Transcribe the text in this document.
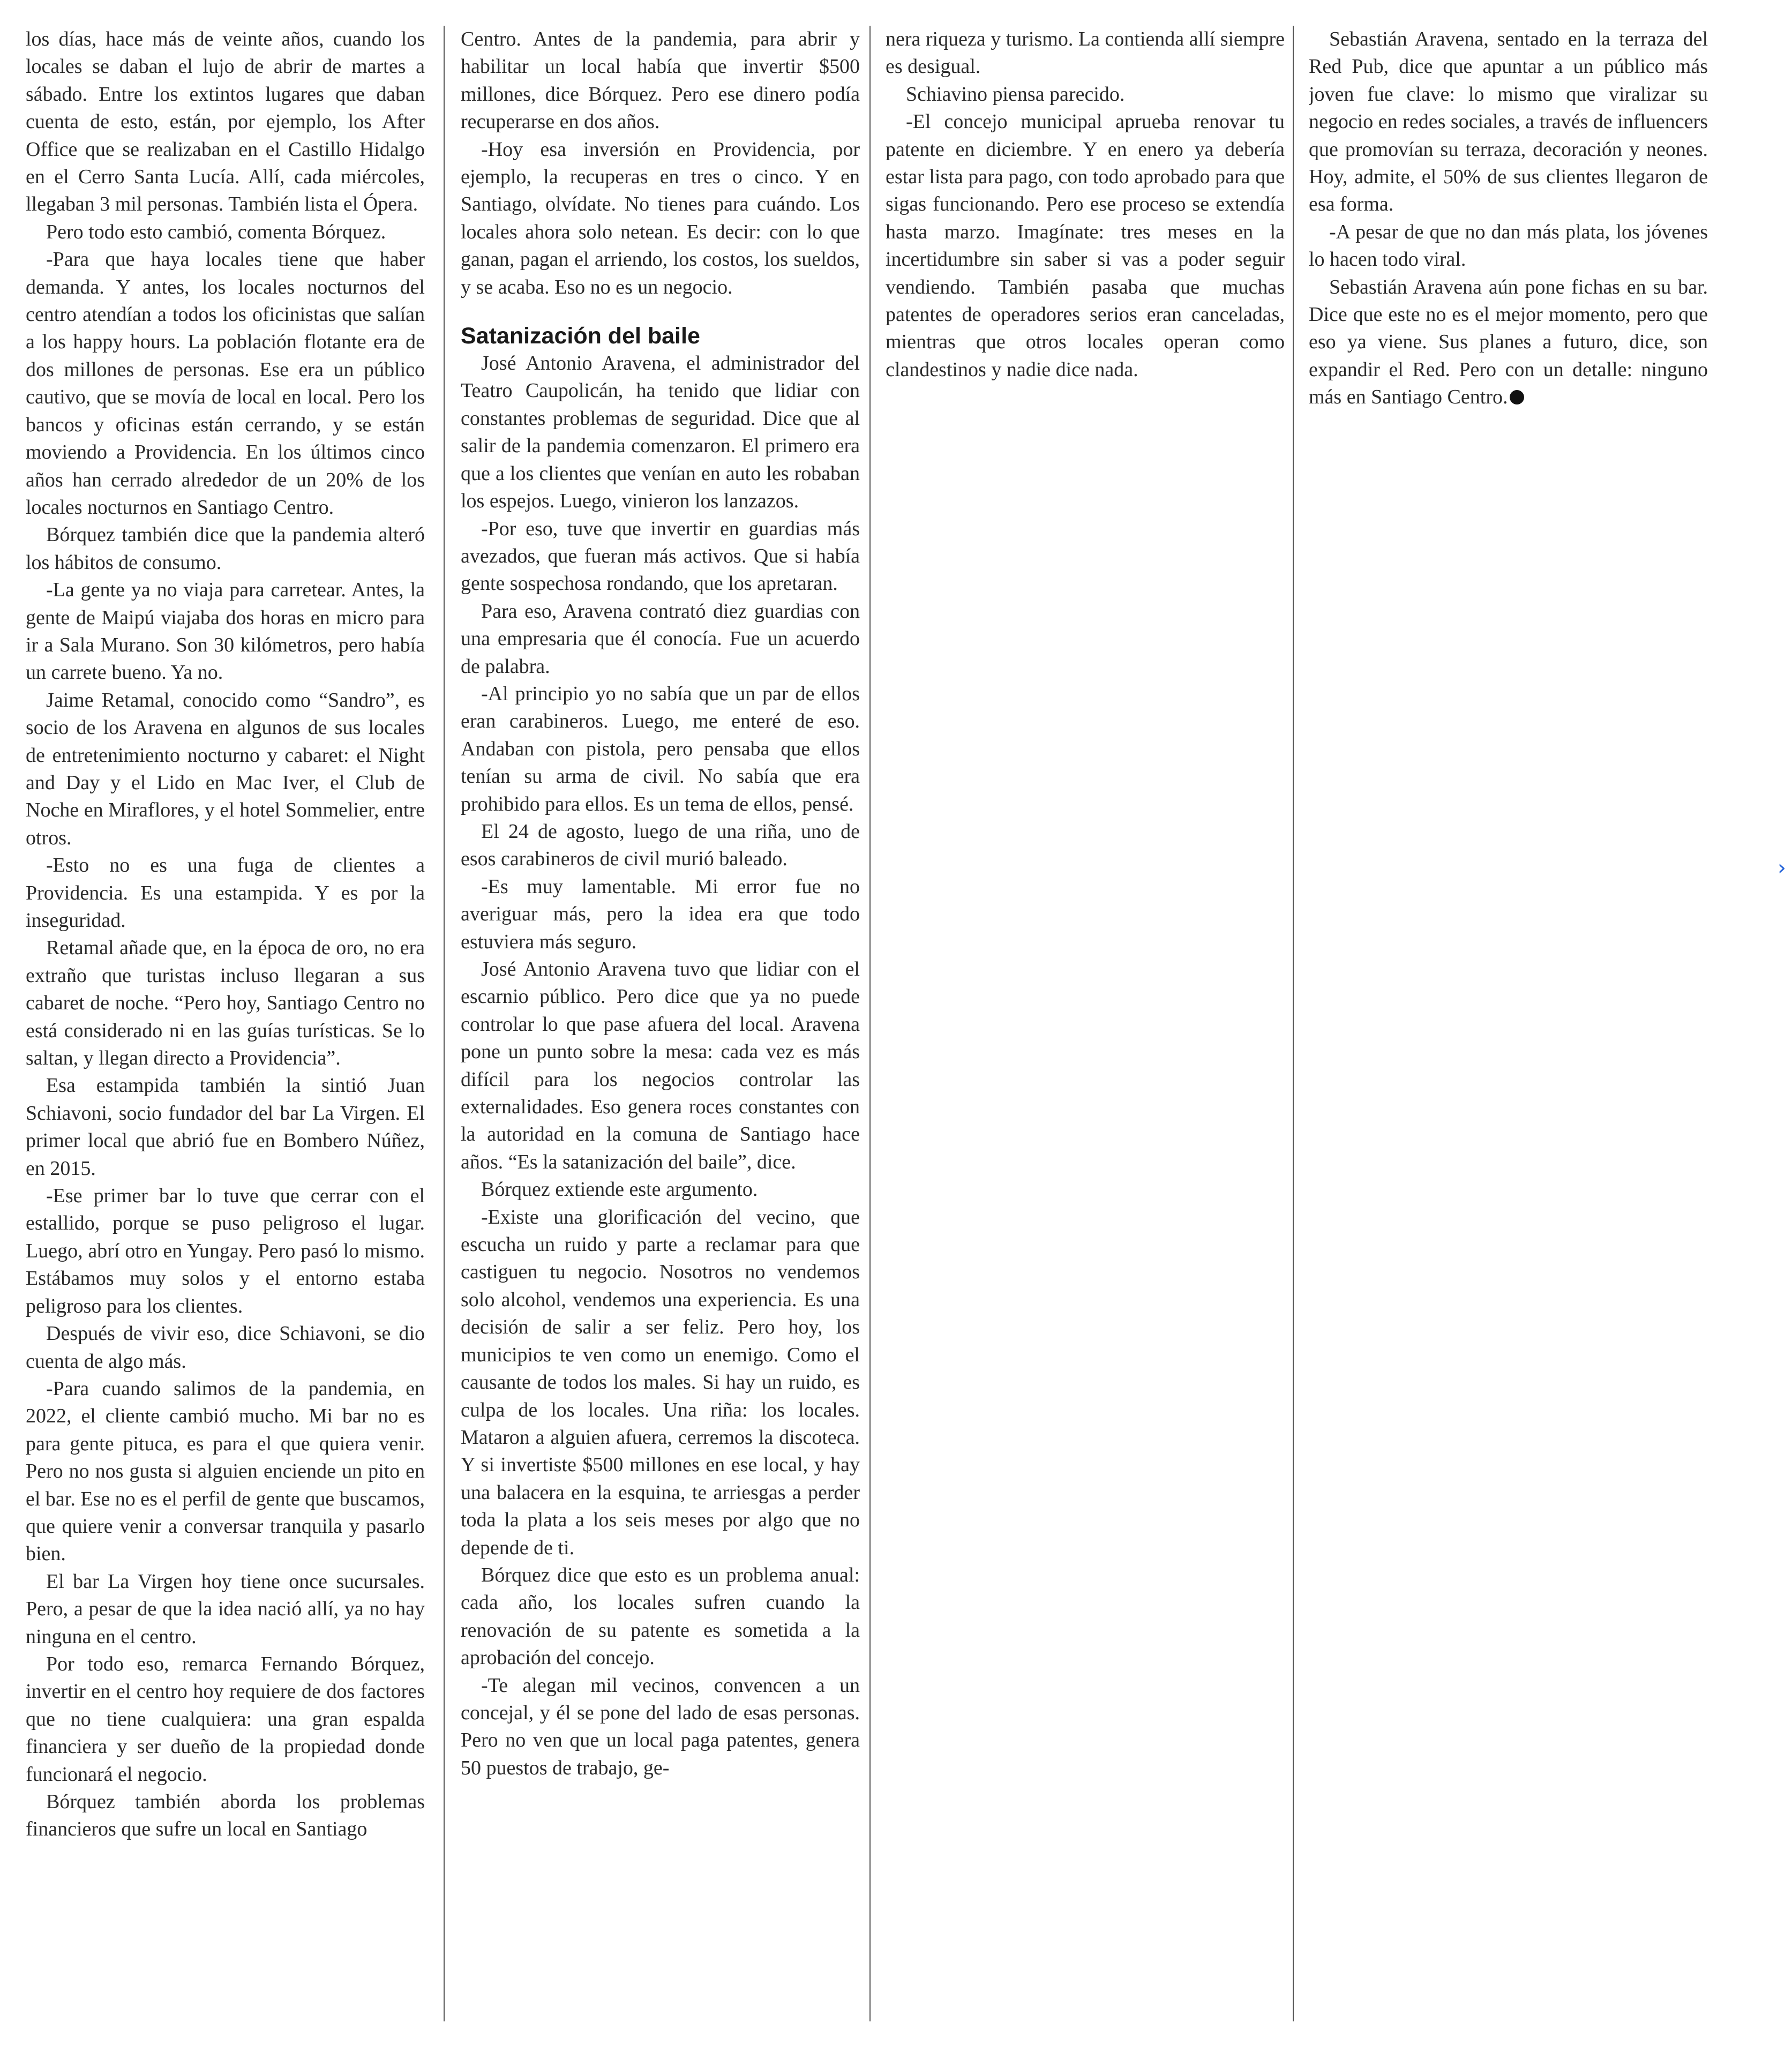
los días, hace más de veinte años, cuando los locales se daban el lujo de abrir de martes a sábado. Entre los extintos lugares que daban cuenta de esto, están, por ejemplo, los After Office que se realizaban en el Castillo Hidalgo en el Cerro Santa Lucía. Allí, cada miércoles, llegaban 3 mil personas. También lista el Ópera.

Pero todo esto cambió, comenta Bórquez.

-Para que haya locales tiene que haber demanda. Y antes, los locales nocturnos del centro atendían a todos los oficinistas que salían a los happy hours. La población flotante era de dos millones de personas. Ese era un público cautivo, que se movía de local en local. Pero los bancos y oficinas están cerrando, y se están moviendo a Providencia. En los últimos cinco años han cerrado alrededor de un 20% de los locales nocturnos en Santiago Centro.

Bórquez también dice que la pandemia alteró los hábitos de consumo.

-La gente ya no viaja para carretear. Antes, la gente de Maipú viajaba dos horas en micro para ir a Sala Murano. Son 30 kilómetros, pero había un carrete bueno. Ya no.

Jaime Retamal, conocido como “Sandro”, es socio de los Aravena en algunos de sus locales de entretenimiento nocturno y cabaret: el Night and Day y el Lido en Mac Iver, el Club de Noche en Miraflores, y el hotel Sommelier, entre otros.

-Esto no es una fuga de clientes a Providencia. Es una estampida. Y es por la inseguridad.

Retamal añade que, en la época de oro, no era extraño que turistas incluso llegaran a sus cabaret de noche. “Pero hoy, Santiago Centro no está considerado ni en las guías turísticas. Se lo saltan, y llegan directo a Providencia”.

Esa estampida también la sintió Juan Schiavoni, socio fundador del bar La Virgen. El primer local que abrió fue en Bombero Núñez, en 2015.

-Ese primer bar lo tuve que cerrar con el estallido, porque se puso peligroso el lugar. Luego, abrí otro en Yungay. Pero pasó lo mismo. Estábamos muy solos y el entorno estaba peligroso para los clientes.

Después de vivir eso, dice Schiavoni, se dio cuenta de algo más.

-Para cuando salimos de la pandemia, en 2022, el cliente cambió mucho. Mi bar no es para gente pituca, es para el que quiera venir. Pero no nos gusta si alguien enciende un pito en el bar. Ese no es el perfil de gente que buscamos, que quiere venir a conversar tranquila y pasarlo bien.

El bar La Virgen hoy tiene once sucursales. Pero, a pesar de que la idea nació allí, ya no hay ninguna en el centro.

Por todo eso, remarca Fernando Bórquez, invertir en el centro hoy requiere de dos factores que no tiene cualquiera: una gran espalda financiera y ser dueño de la propiedad donde funcionará el negocio.

Bórquez también aborda los problemas financieros que sufre un local en Santiago

Centro. Antes de la pandemia, para abrir y habilitar un local había que invertir $500 millones, dice Bórquez. Pero ese dinero podía recuperarse en dos años.

-Hoy esa inversión en Providencia, por ejemplo, la recuperas en tres o cinco. Y en Santiago, olvídate. No tienes para cuándo. Los locales ahora solo netean. Es decir: con lo que ganan, pagan el arriendo, los costos, los sueldos, y se acaba. Eso no es un negocio.

Satanización del baile

José Antonio Aravena, el administrador del Teatro Caupolicán, ha tenido que lidiar con constantes problemas de seguridad. Dice que al salir de la pandemia comenzaron. El primero era que a los clientes que venían en auto les robaban los espejos. Luego, vinieron los lanzazos.

-Por eso, tuve que invertir en guardias más avezados, que fueran más activos. Que si había gente sospechosa rondando, que los apretaran.

Para eso, Aravena contrató diez guardias con una empresaria que él conocía. Fue un acuerdo de palabra.

-Al principio yo no sabía que un par de ellos eran carabineros. Luego, me enteré de eso. Andaban con pistola, pero pensaba que ellos tenían su arma de civil. No sabía que era prohibido para ellos. Es un tema de ellos, pensé.

El 24 de agosto, luego de una riña, uno de esos carabineros de civil murió baleado.

-Es muy lamentable. Mi error fue no averiguar más, pero la idea era que todo estuviera más seguro.

José Antonio Aravena tuvo que lidiar con el escarnio público. Pero dice que ya no puede controlar lo que pase afuera del local. Aravena pone un punto sobre la mesa: cada vez es más difícil para los negocios controlar las externalidades. Eso genera roces constantes con la autoridad en la comuna de Santiago hace años. “Es la satanización del baile”, dice.

Bórquez extiende este argumento.

-Existe una glorificación del vecino, que escucha un ruido y parte a reclamar para que castiguen tu negocio. Nosotros no vendemos solo alcohol, vendemos una experiencia. Es una decisión de salir a ser feliz. Pero hoy, los municipios te ven como un enemigo. Como el causante de todos los males. Si hay un ruido, es culpa de los locales. Una riña: los locales. Mataron a alguien afuera, cerremos la discoteca. Y si invertiste $500 millones en ese local, y hay una balacera en la esquina, te arriesgas a perder toda la plata a los seis meses por algo que no depende de ti.

Bórquez dice que esto es un problema anual: cada año, los locales sufren cuando la renovación de su patente es sometida a la aprobación del concejo.

-Te alegan mil vecinos, convencen a un concejal, y él se pone del lado de esas personas. Pero no ven que un local paga patentes, genera 50 puestos de trabajo, ge-

nera riqueza y turismo. La contienda allí siempre es desigual.

Schiavino piensa parecido.

-El concejo municipal aprueba renovar tu patente en diciembre. Y en enero ya debería estar lista para pago, con todo aprobado para que sigas funcionando. Pero ese proceso se extendía hasta marzo. Imagínate: tres meses en la incertidumbre sin saber si vas a poder seguir vendiendo. También pasaba que muchas patentes de operadores serios eran canceladas, mientras que otros locales operan como clandestinos y nadie dice nada.

Sebastián Aravena, sentado en la terraza del Red Pub, dice que apuntar a un público más joven fue clave: lo mismo que viralizar su negocio en redes sociales, a través de influencers que promovían su terraza, decoración y neones. Hoy, admite, el 50% de sus clientes llegaron de esa forma.

-A pesar de que no dan más plata, los jóvenes lo hacen todo viral.

Sebastián Aravena aún pone fichas en su bar. Dice que este no es el mejor momento, pero que eso ya viene. Sus planes a futuro, dice, son expandir el Red. Pero con un detalle: ninguno más en Santiago Centro.

›
